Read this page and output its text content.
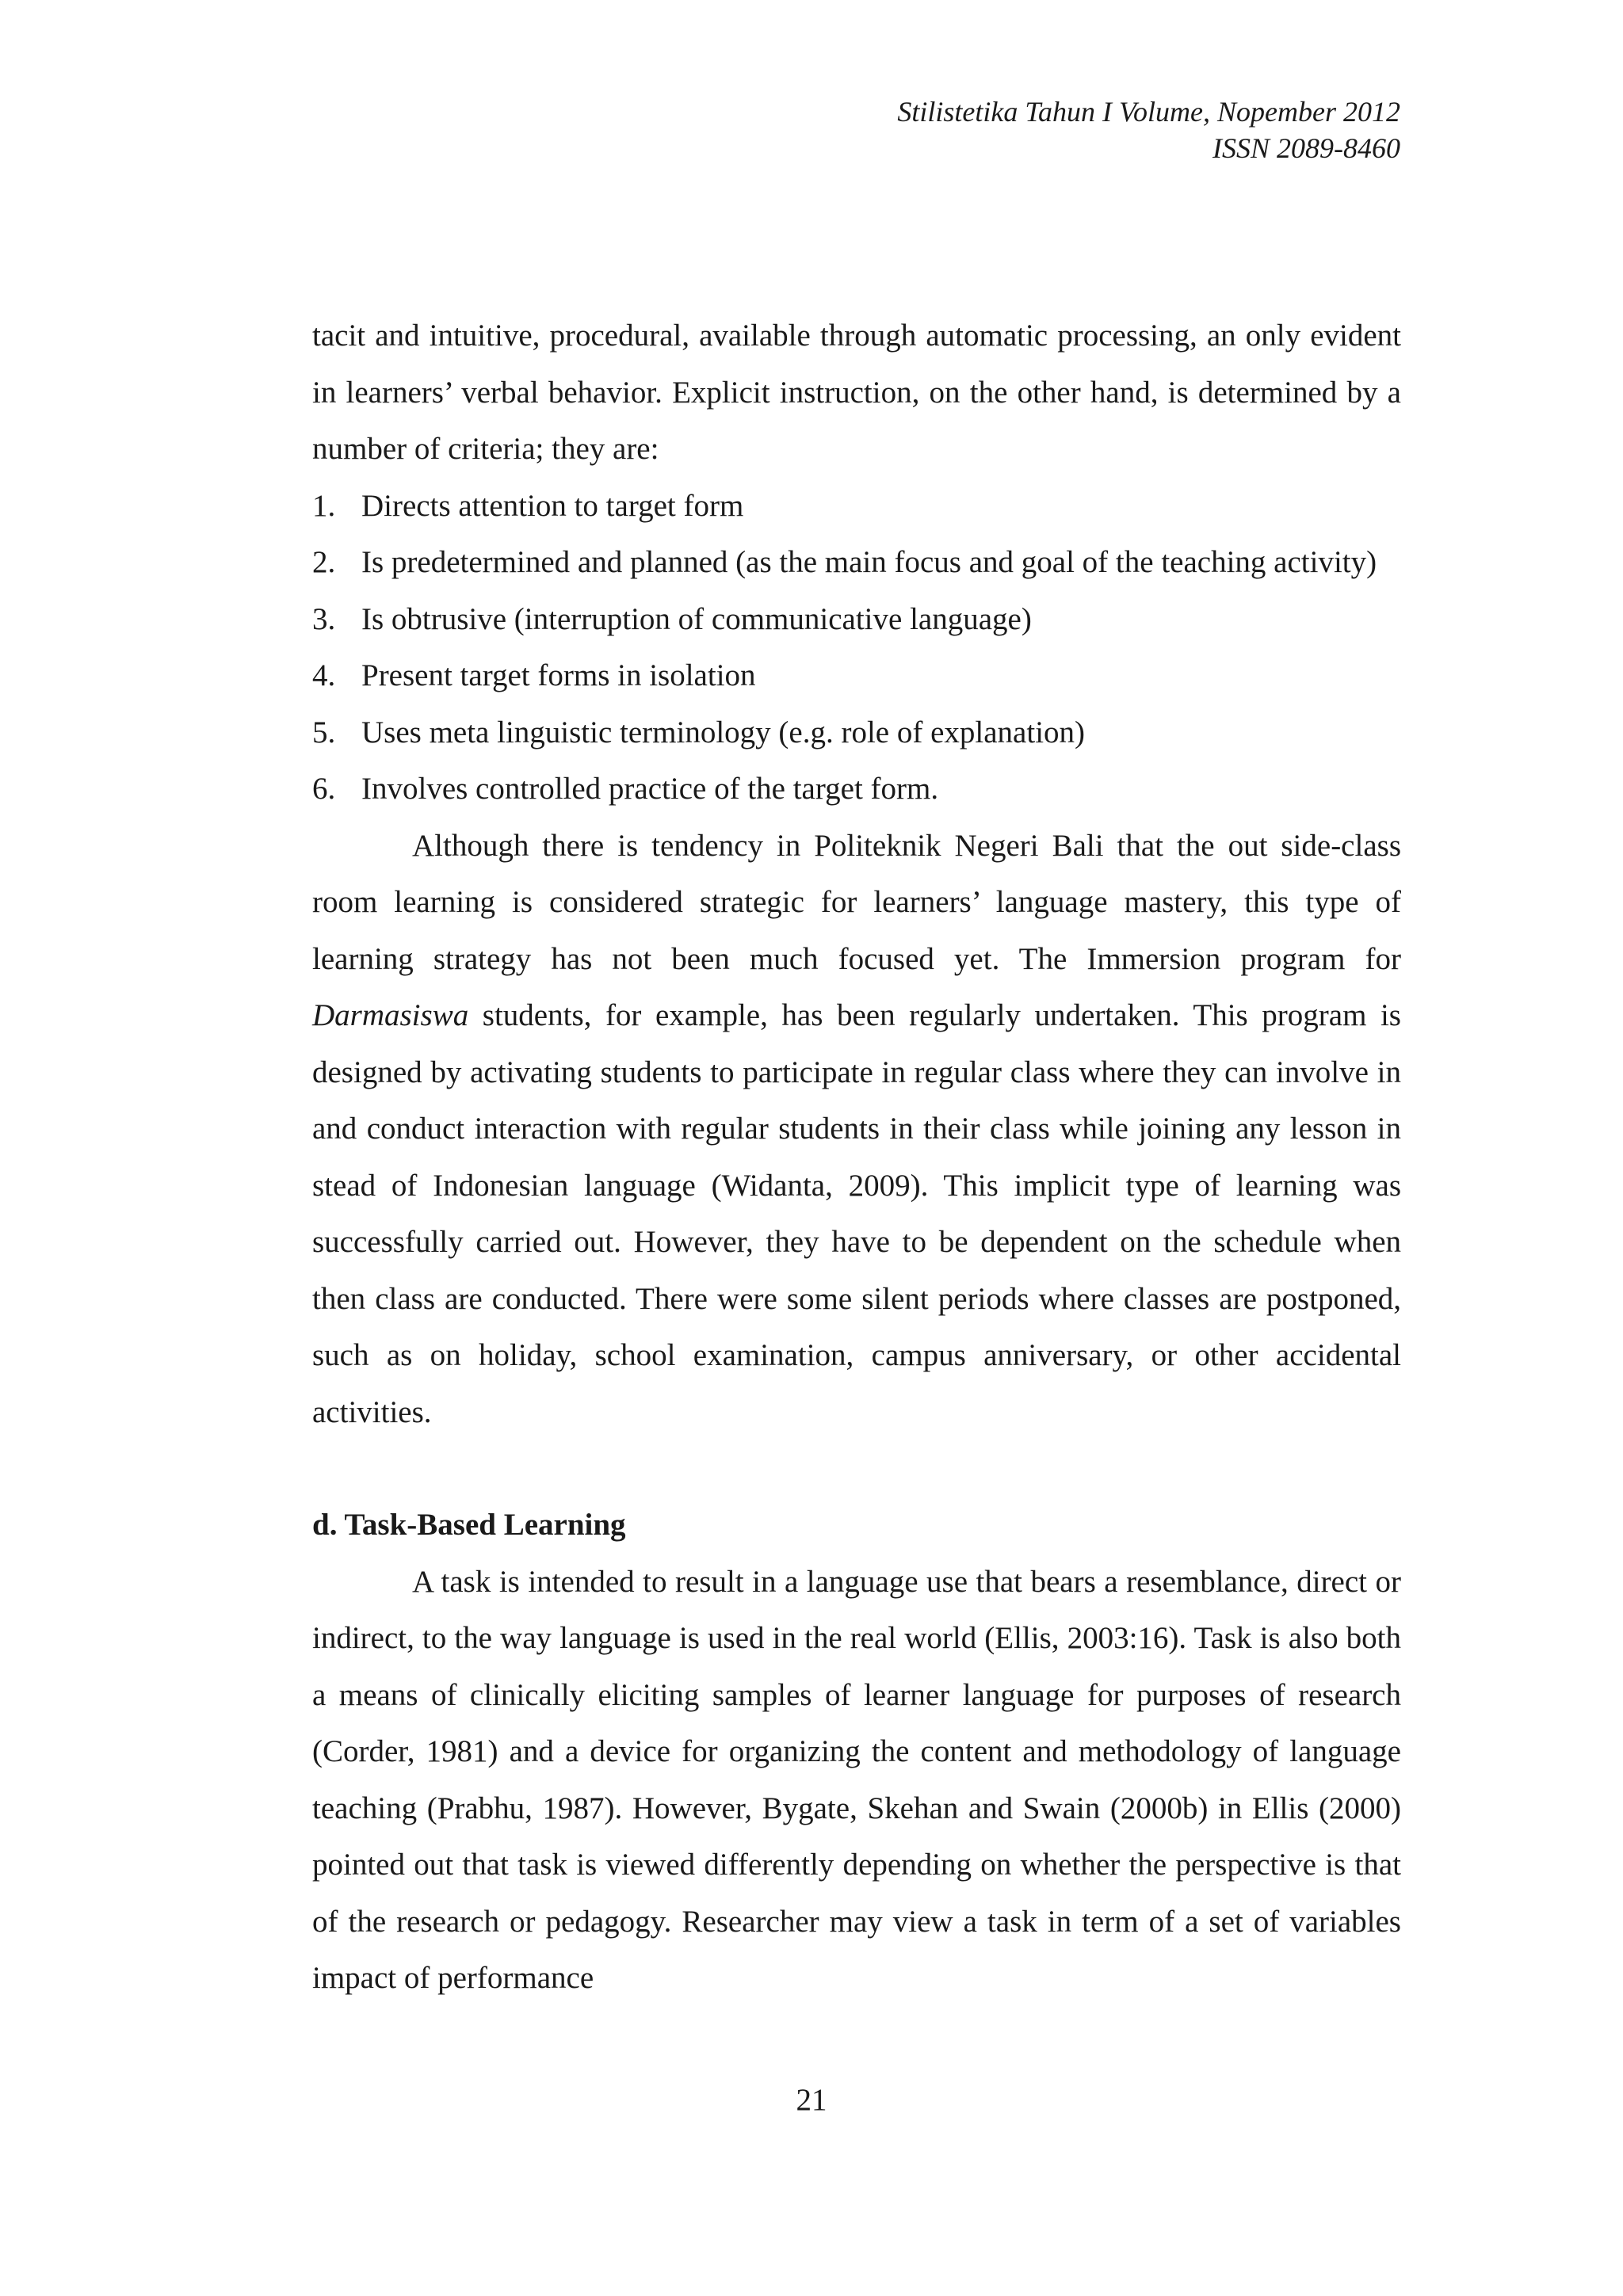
Stilistetika Tahun I Volume, Nopember 2012
ISSN 2089-8460

tacit and intuitive, procedural, available through automatic processing, an only evident in learners’ verbal behavior. Explicit instruction, on the other hand, is determined by a number of criteria; they are:

1. Directs attention to target form
2. Is predetermined and planned (as the main focus and goal of the teaching activity)
3. Is obtrusive (interruption of communicative language)
4. Present target forms in isolation
5. Uses meta linguistic terminology (e.g. role of explanation)
6. Involves controlled practice of the target form.

Although there is tendency in Politeknik Negeri Bali that the out side-class room learning is considered strategic for learners’ language mastery, this type of learning strategy has not been much focused yet. The Immersion program for Darmasiswa students, for example, has been regularly undertaken. This program is designed by activating students to participate in regular class where they can involve in and conduct interaction with regular students in their class while joining any lesson in stead of Indonesian language (Widanta, 2009). This implicit type of learning was successfully carried out. However, they have to be dependent on the schedule when then class are conducted. There were some silent periods where classes are postponed, such as on holiday, school examination, campus anniversary, or other accidental activities.

d. Task-Based Learning

A task is intended to result in a language use that bears a resemblance, direct or indirect, to the way language is used in the real world (Ellis, 2003:16). Task is also both a means of clinically eliciting samples of learner language for purposes of research (Corder, 1981) and a device for organizing the content and methodology of language teaching (Prabhu, 1987). However, Bygate, Skehan and Swain (2000b) in Ellis (2000) pointed out that task is viewed differently depending on whether the perspective is that of the research or pedagogy. Researcher may view a task in term of a set of variables impact of performance

21
